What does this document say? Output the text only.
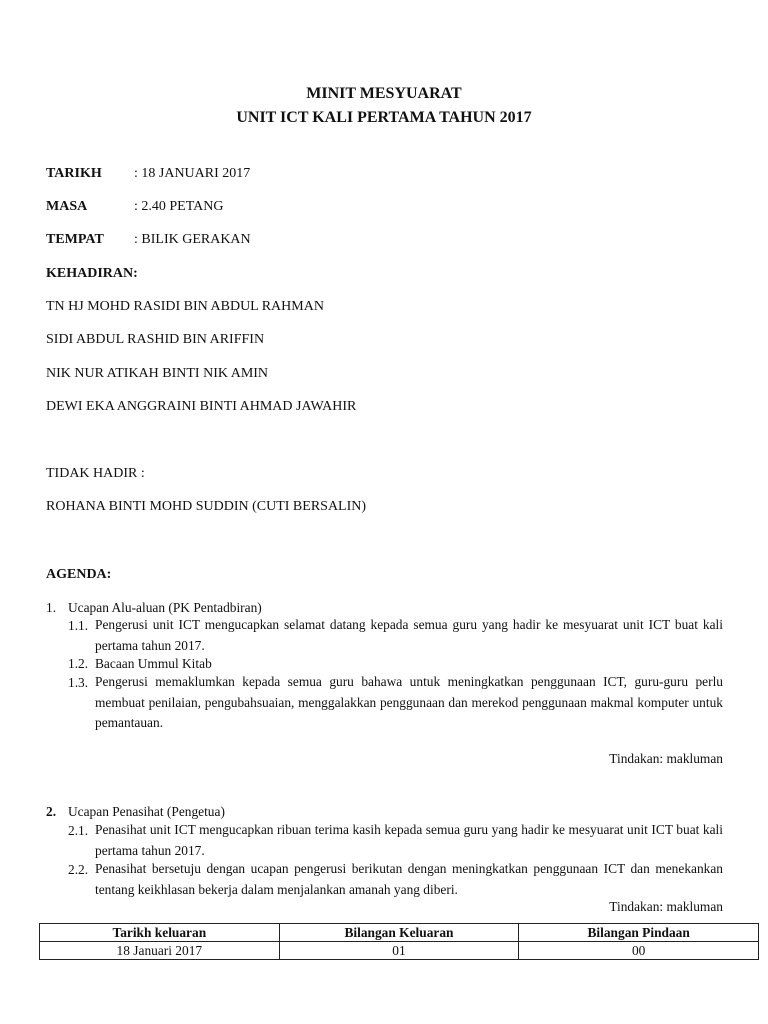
MINIT MESYUARAT
UNIT ICT KALI PERTAMA TAHUN 2017
TARIKH : 18 JANUARI 2017
MASA	: 2.40 PETANG
TEMPAT : BILIK GERAKAN
KEHADIRAN:
TN HJ MOHD RASIDI BIN ABDUL RAHMAN
SIDI ABDUL RASHID BIN ARIFFIN
NIK NUR ATIKAH BINTI NIK AMIN
DEWI EKA ANGGRAINI BINTI AHMAD JAWAHIR
TIDAK HADIR :
ROHANA BINTI MOHD SUDDIN (CUTI BERSALIN)
AGENDA:
1. Ucapan Alu-aluan (PK Pentadbiran)
1.1. Pengerusi unit ICT mengucapkan selamat datang kepada semua guru yang hadir ke mesyuarat unit ICT buat kali pertama tahun 2017.
1.2. Bacaan Ummul Kitab
1.3. Pengerusi memaklumkan kepada semua guru bahawa untuk meningkatkan penggunaan ICT, guru-guru perlu membuat penilaian, pengubahsuaian, menggalakkan penggunaan dan merekod penggunaan makmal komputer untuk pemantauan.
Tindakan: makluman
2. Ucapan Penasihat (Pengetua)
2.1. Penasihat unit ICT mengucapkan ribuan terima kasih kepada semua guru yang hadir ke mesyuarat unit ICT buat kali pertama tahun 2017.
2.2. Penasihat bersetuju dengan ucapan pengerusi berikutan dengan meningkatkan penggunaan ICT dan menekankan tentang keikhlasan bekerja dalam menjalankan amanah yang diberi.
Tindakan: makluman
Tarikh keluaran	Bilangan Keluaran	Bilangan Pindaan
18 Januari 2017	01	00
